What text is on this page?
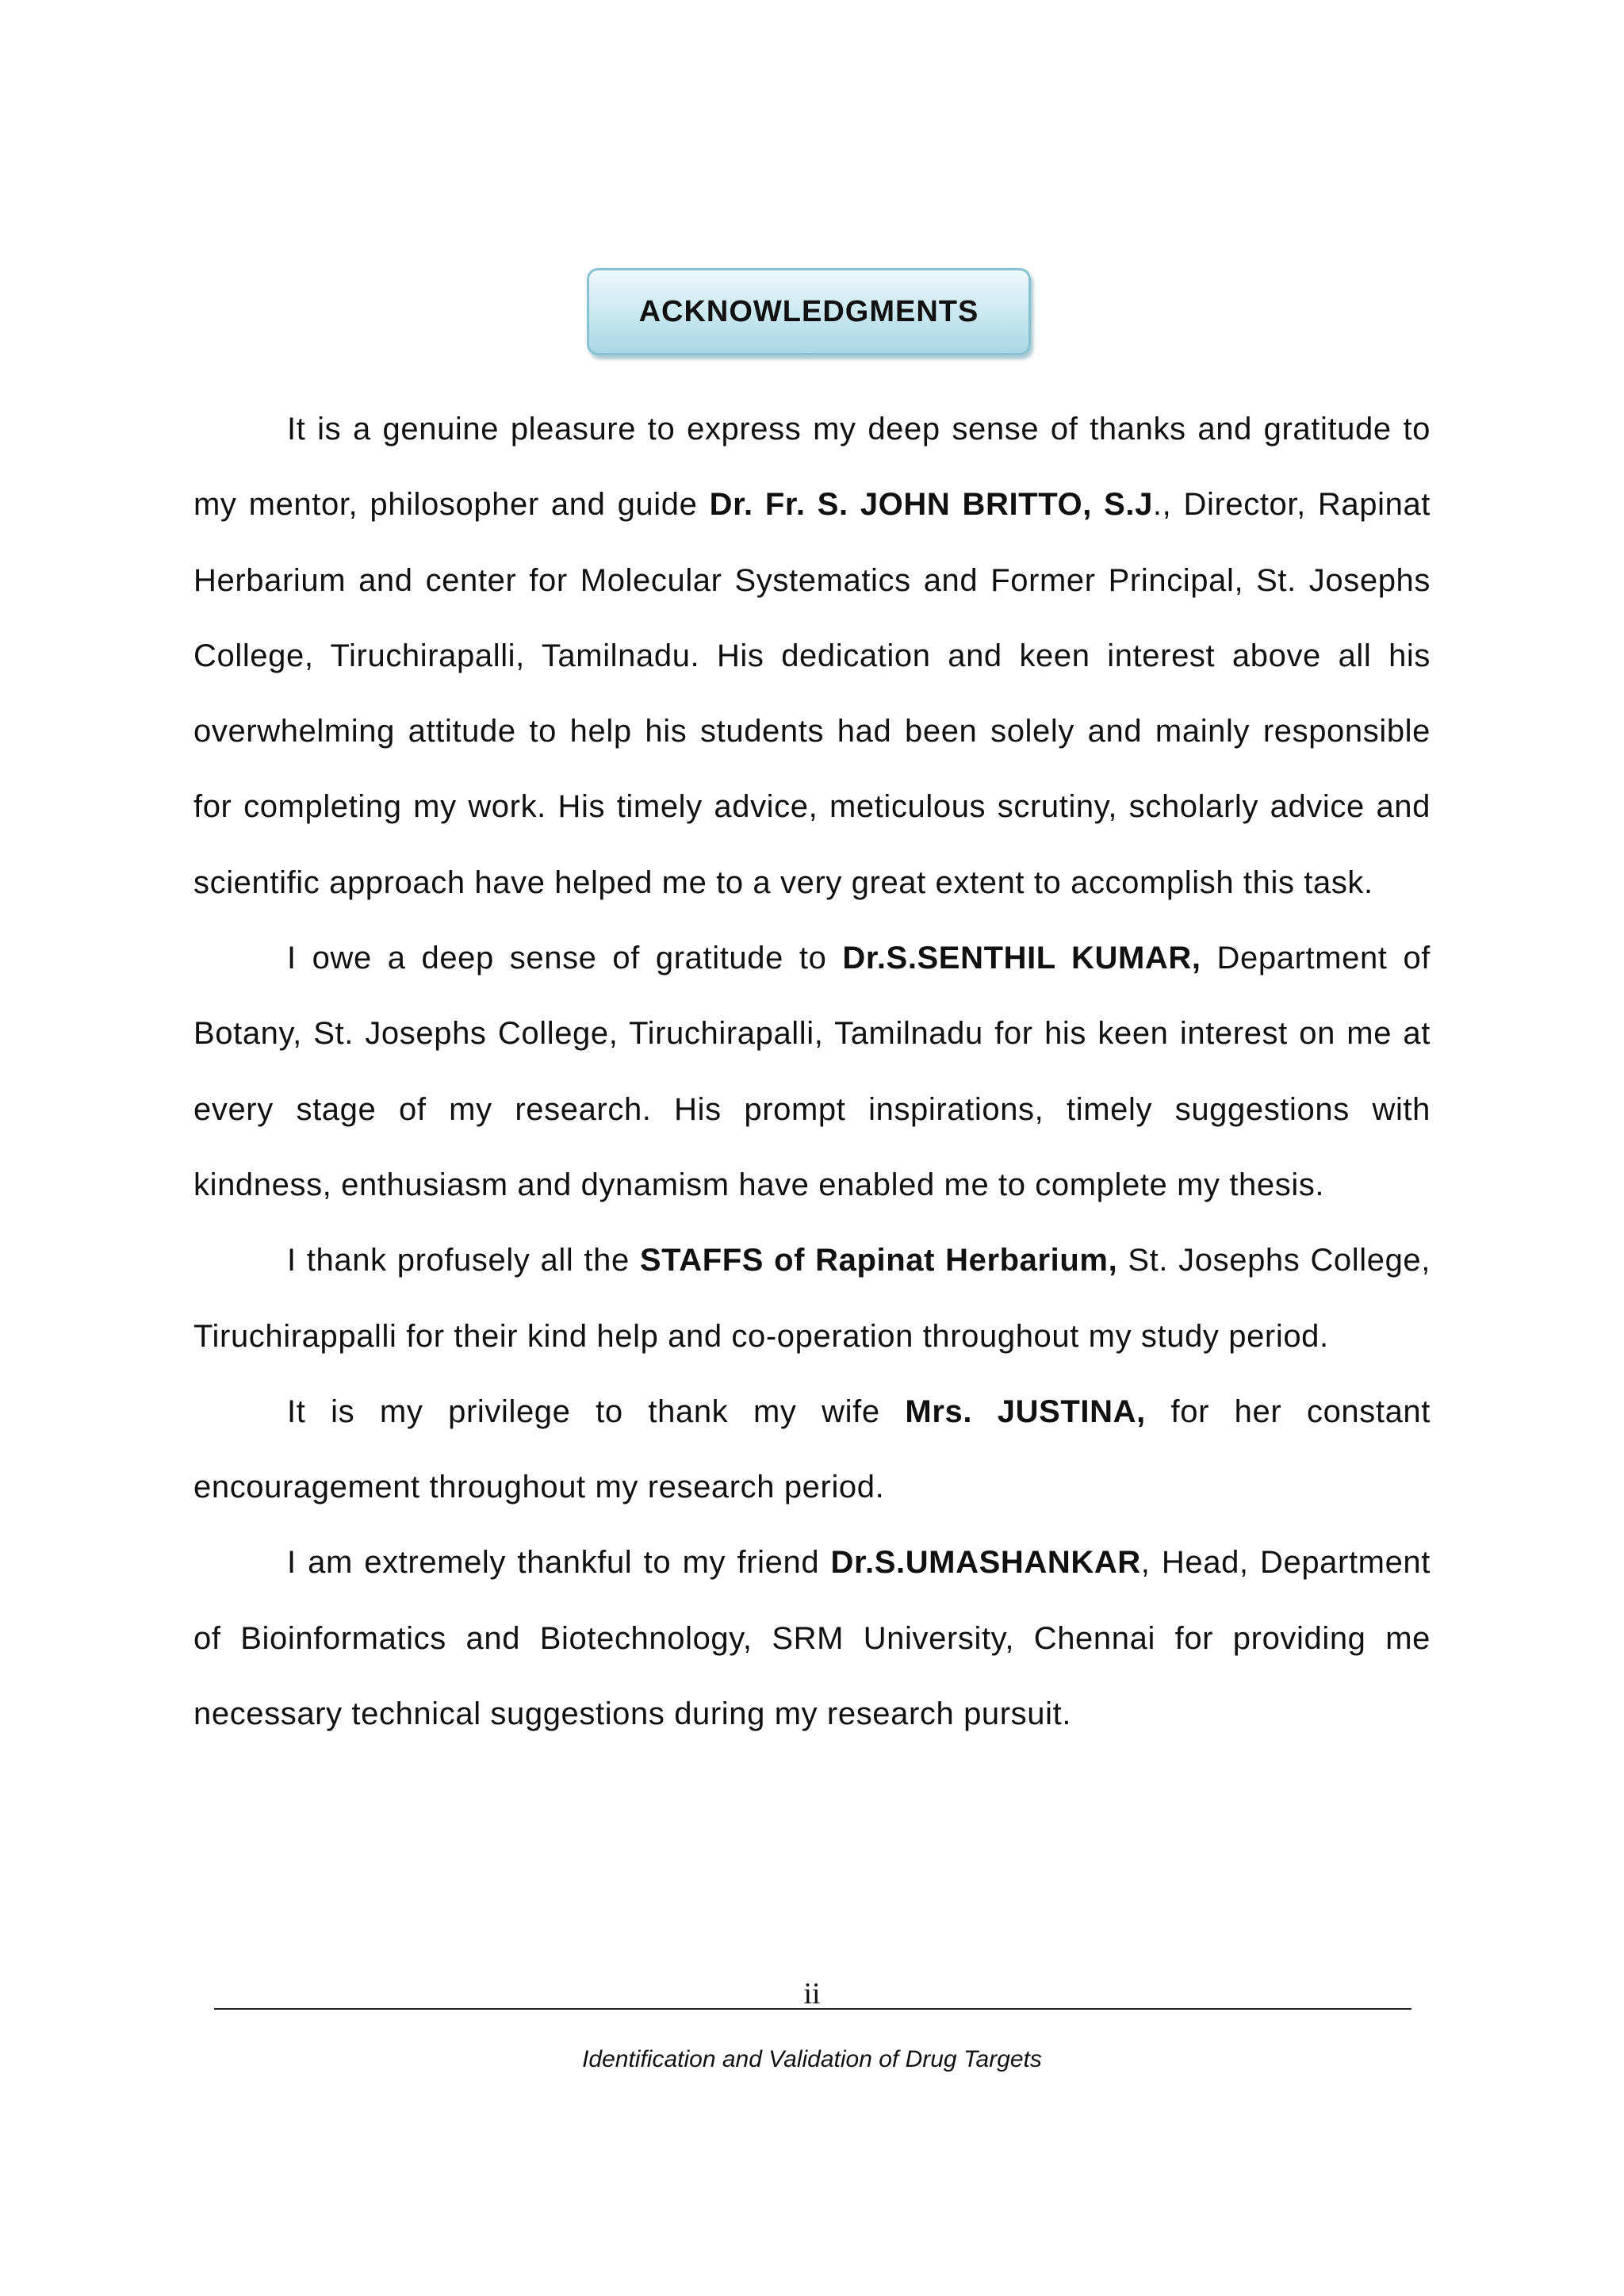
ACKNOWLEDGMENTS

It is a genuine pleasure to express my deep sense of thanks and gratitude to my mentor, philosopher and guide Dr. Fr. S. JOHN BRITTO, S.J., Director, Rapinat Herbarium and center for Molecular Systematics and Former Principal, St. Josephs College, Tiruchirapalli, Tamilnadu. His dedication and keen interest above all his overwhelming attitude to help his students had been solely and mainly responsible for completing my work. His timely advice, meticulous scrutiny, scholarly advice and scientific approach have helped me to a very great extent to accomplish this task.

I owe a deep sense of gratitude to Dr.S.SENTHIL KUMAR, Department of Botany, St. Josephs College, Tiruchirapalli, Tamilnadu for his keen interest on me at every stage of my research. His prompt inspirations, timely suggestions with kindness, enthusiasm and dynamism have enabled me to complete my thesis.

I thank profusely all the STAFFS of Rapinat Herbarium, St. Josephs College, Tiruchirappalli for their kind help and co-operation throughout my study period.

It is my privilege to thank my wife Mrs. JUSTINA, for her constant encouragement throughout my research period.

I am extremely thankful to my friend Dr.S.UMASHANKAR, Head, Department of Bioinformatics and Biotechnology, SRM University, Chennai for providing me necessary technical suggestions during my research pursuit.

ii
Identification and Validation of Drug Targets
